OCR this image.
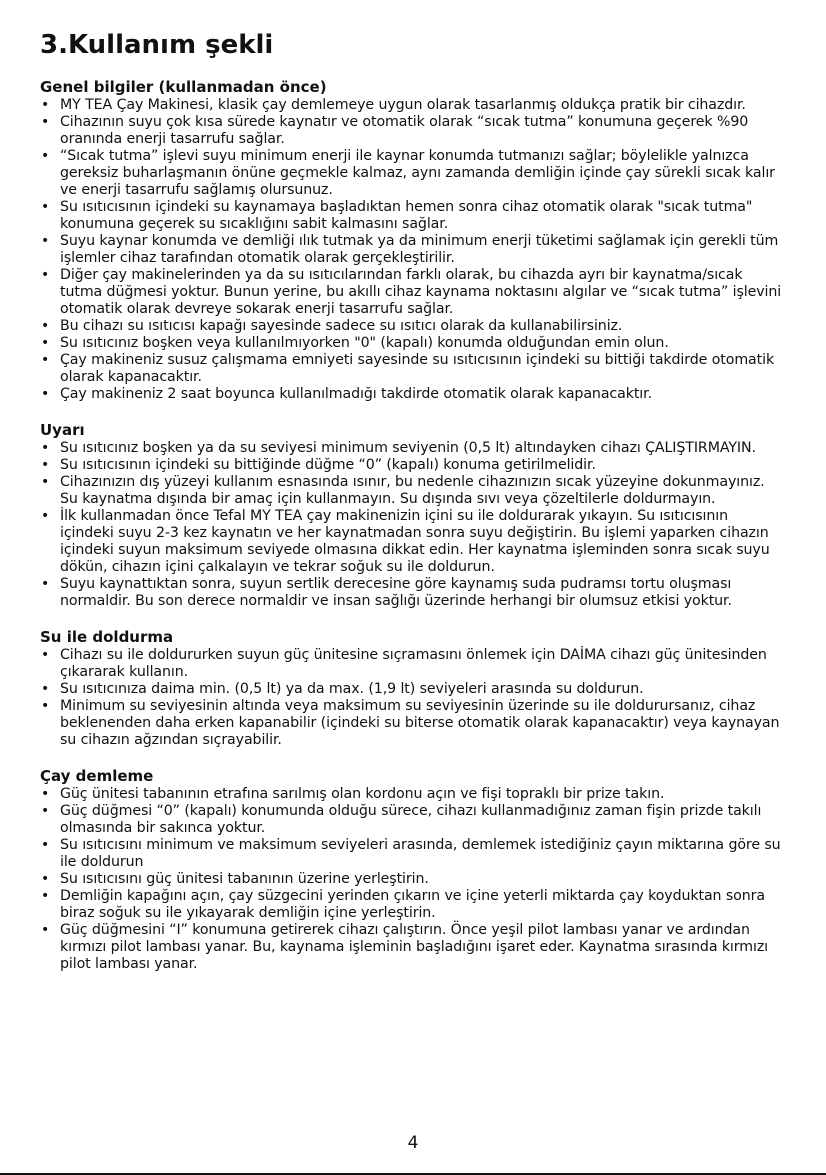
3.Kullanım şekli
Genel bilgiler (kullanmadan önce)
• MY TEA Çay Makinesi, klasik çay demlemeye uygun olarak tasarlanmış oldukça pratik bir cihazdır.
• Cihazının suyu çok kısa sürede kaynatır ve otomatik olarak “sıcak tutma” konumuna geçerek %90 oranında enerji tasarrufu sağlar.
• “Sıcak tutma” işlevi suyu minimum enerji ile kaynar konumda tutmanızı sağlar; böylelikle yalnızca gereksiz buharlaşmanın önüne geçmekle kalmaz, aynı zamanda demliğin içinde çay sürekli sıcak kalır ve enerji tasarrufu sağlamış olursunuz.
• Su ısıtıcısının içindeki su kaynamaya başladıktan hemen sonra cihaz otomatik olarak "sıcak tutma" konumuna geçerek su sıcaklığını sabit kalmasını sağlar.
• Suyu kaynar konumda ve demliği ılık tutmak ya da minimum enerji tüketimi sağlamak için gerekli tüm işlemler cihaz tarafından otomatik olarak gerçekleştirilir.
• Diğer çay makinelerinden ya da su ısıtıcılarından farklı olarak, bu cihazda ayrı bir kaynatma/sıcak tutma düğmesi yoktur. Bunun yerine, bu akıllı cihaz kaynama noktasını algılar ve “sıcak tutma” işlevini otomatik olarak devreye sokarak enerji tasarrufu sağlar.
• Bu cihazı su ısıtıcısı kapağı sayesinde sadece su ısıtıcı olarak da kullanabilirsiniz.
• Su ısıtıcınız boşken veya kullanılmıyorken "0" (kapalı) konumda olduğundan emin olun.
• Çay makineniz susuz çalışmama emniyeti sayesinde su ısıtıcısının içindeki su bittiği takdirde otomatik olarak kapanacaktır.
• Çay makineniz 2 saat boyunca kullanılmadığı takdirde otomatik olarak kapanacaktır.
Uyarı
• Su ısıtıcınız boşken ya da su seviyesi minimum seviyenin (0,5 lt) altındayken cihazı ÇALIŞTIRMAYIN.
• Su ısıtıcısının içindeki su bittiğinde düğme “0” (kapalı) konuma getirilmelidir.
• Cihazınızın dış yüzeyi kullanım esnasında ısınır, bu nedenle cihazınızın sıcak yüzeyine dokunmayınız. Su kaynatma dışında bir amaç için kullanmayın. Su dışında sıvı veya çözeltilerle doldurmayın.
• İlk kullanmadan önce Tefal MY TEA çay makinenizin içini su ile doldurarak yıkayın. Su ısıtıcısının içindeki suyu 2-3 kez kaynatın ve her kaynatmadan sonra suyu değiştirin. Bu işlemi yaparken cihazın içindeki suyun maksimum seviyede olmasına dikkat edin. Her kaynatma işleminden sonra sıcak suyu dökün, cihazın içini çalkalayın ve tekrar soğuk su ile doldurun.
• Suyu kaynattıktan sonra, suyun sertlik derecesine göre kaynamış suda pudramsı tortu oluşması normaldir. Bu son derece normaldir ve insan sağlığı üzerinde herhangi bir olumsuz etkisi yoktur.
Su ile doldurma
• Cihazı su ile doldururken suyun güç ünitesine sıçramasını önlemek için DAİMA cihazı güç ünitesinden çıkararak kullanın.
• Su ısıtıcınıza daima min. (0,5 lt) ya da max. (1,9 lt) seviyeleri arasında su doldurun.
• Minimum su seviyesinin altında veya maksimum su seviyesinin üzerinde su ile doldurursanız, cihaz beklenenden daha erken kapanabilir (içindeki su biterse otomatik olarak kapanacaktır) veya kaynayan su cihazın ağzından sıçrayabilir.
Çay demleme
• Güç ünitesi tabanının etrafına sarılmış olan kordonu açın ve fişi topraklı bir prize takın.
• Güç düğmesi “0” (kapalı) konumunda olduğu sürece, cihazı kullanmadığınız zaman fişin prizde takılı olmasında bir sakınca yoktur.
• Su ısıtıcısını minimum ve maksimum seviyeleri arasında, demlemek istediğiniz çayın miktarına göre su ile doldurun
• Su ısıtıcısını güç ünitesi tabanının üzerine yerleştirin.
• Demliğin kapağını açın, çay süzgecini yerinden çıkarın ve içine yeterli miktarda çay koyduktan sonra biraz soğuk su ile yıkayarak demliğin içine yerleştirin.
• Güç düğmesini “I” konumuna getirerek cihazı çalıştırın. Önce yeşil pilot lambası yanar ve ardından kırmızı pilot lambası yanar. Bu, kaynama işleminin başladığını işaret eder. Kaynatma sırasında kırmızı pilot lambası yanar.
4
